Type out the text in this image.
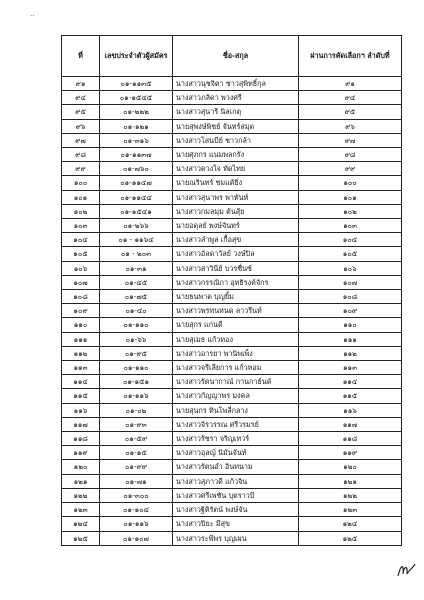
..
ที่	เลขประจำตัวผู้สมัคร	ชื่อ-สกุล	ผ่านการคัดเลือกฯ ลำดับที่
๙๑	๐๑-๑๑๓๕	นางสาวนุชจิตา ชาวสุพิทธิ์กุล	๙๑
๙๔	๐๑-๑๕๔๕	นางสาวภลิดา พวงศรี	๙๔
๙๕	๐๑-๒๒๒	นางสาวสุนารี นิลเกตุ	๙๕
๙๖	๐๑-๑๒๑	นายสุพงษ์พิชย์ จันทร์สมุด	๙๖
๙๗	๐๑-๓๑๖	นางสาวโสนบีย์ ชาวกล้า	๙๗
๙๘	๐๑-๑๑๓๗	นายศุภกร แนมพลกรัง	๙๘
๙๙	๐๑-๗๖๐	นางสาวดวงใจ ทัดไทย	๙๙
๑๐๐	๐๑-๑๑๔๗	นายณรินทร์ ชมแต้ยิ่ง	๑๐๐
๑๐๑	๐๑-๑๑๔๔	นางสาวสุนาพร พาทันท์	๑๐๑
๑๐๒	๐๑-๑๕๔๑	นางสาวกมลมุม ต้นสุ้ย	๑๐๒
๑๐๓	๐๑-๒๖๖	นายอดุลย์ พงษ์จันทร์	๑๐๓
๑๐๔	๐๑ - ๑๑๖๔	นางสาวลำพูล เกื้อสุข	๑๐๔
๑๐๕	๐๑ - ๒๐๓	นางสาวอัลดาวัลย์ วงษ์ปิล	๑๐๕
๑๐๖	๐๑-๓๑	นางสาวสาวินีย์ บวรชื่นซ์	๑๐๖
๑๐๗	๐๑-๔๕	นางสาวกรรณิกา อุทธิรงค์จักร	๑๐๗
๑๐๘	๐๑-๗๕	นายธนพาด บุญยิ้ม	๑๐๘
๑๐๙	๐๑-๔๐	นางสาวพรทนหนด ลาวรีนท์	๑๐๙
๑๑๐	๐๑-๑๑๐	นายสุกร แก่นดี	๑๑๐
๑๑๑	๐๑-๖๖	นายสุเมธ แก้วทอง	๑๑๑
๑๑๒	๐๑-๙๕	นางสาวอารยา พานิพเพ็ง	๑๑๒
๑๑๓	๐๑-๑๑๐	นางสาวจรีเลียการ แก้วทอม	๑๑๓
๑๑๔	๐๑-๑๕๑	นางสาวรัตนากาณ์ กานกาธ์นต์	๑๑๔
๑๑๕	๐๑-๑๑๖	นางสาวกัญญาพร มงคล	๑๑๕
๑๑๖	๐๑-๐๒	นายสุนกร ทินโพลี่กลาง	๑๑๖
๑๑๗	๐๑-๙๓	นางสาวจิรวรรณ ศรีวรมรย์	๑๑๗
๑๑๘	๐๑-๕๙	นางสาวรัชรา จริญเทวร์	๑๑๘
๑๑๙	๐๑-๑๕	นางสาวอุลญ์ นิมันจันท์	๑๑๙
๑๒๐	๐๑-๙๙	นางสาวรัตนอำ อินทนาม	๑๒๐
๑๒๑	๐๑-๗๑	นางสาวสุภาวดี แก้วจิน	๑๒๑
๑๒๒	๐๑-๓๐๐	นางสาวศรีเพชัน บุตราวบี	๑๒๒
๑๒๓	๐๑-๑๐๔	นางสาวฐิติรัตน์ พงษ์จัน	๑๒๓
๑๒๔	๐๑-๑๑๖	นางสาวปิยะ มีสุข	๑๒๔
๑๒๕	๐๑-๑๐๗	นางสาวระพีพร บุญเผน	๑๒๕
